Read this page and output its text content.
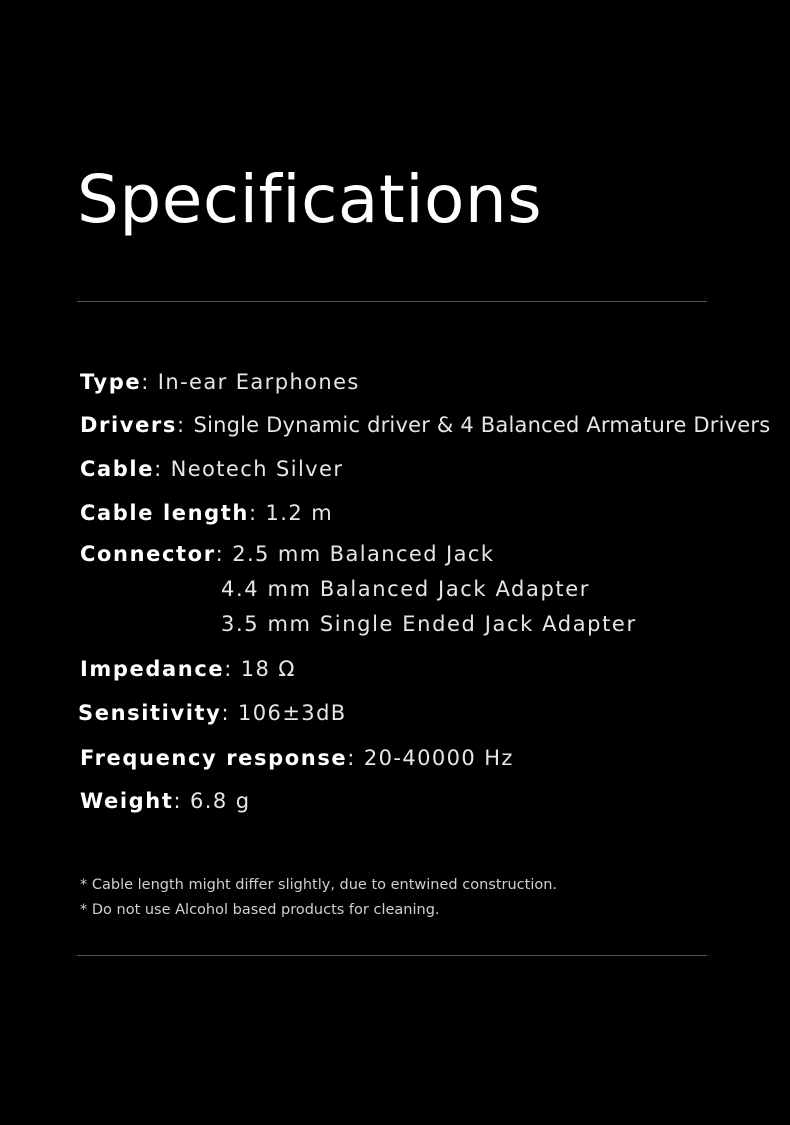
Specifications
Type: In-ear Earphones
Drivers: Single Dynamic driver & 4 Balanced Armature Drivers
Cable: Neotech Silver
Cable length: 1.2 m
Connector: 2.5 mm Balanced Jack
4.4 mm Balanced Jack Adapter
3.5 mm Single Ended Jack Adapter
Impedance: 18 Ω
Sensitivity: 106±3dB
Frequency response: 20-40000 Hz
Weight: 6.8 g
* Cable length might differ slightly, due to entwined construction.
* Do not use Alcohol based products for cleaning.
